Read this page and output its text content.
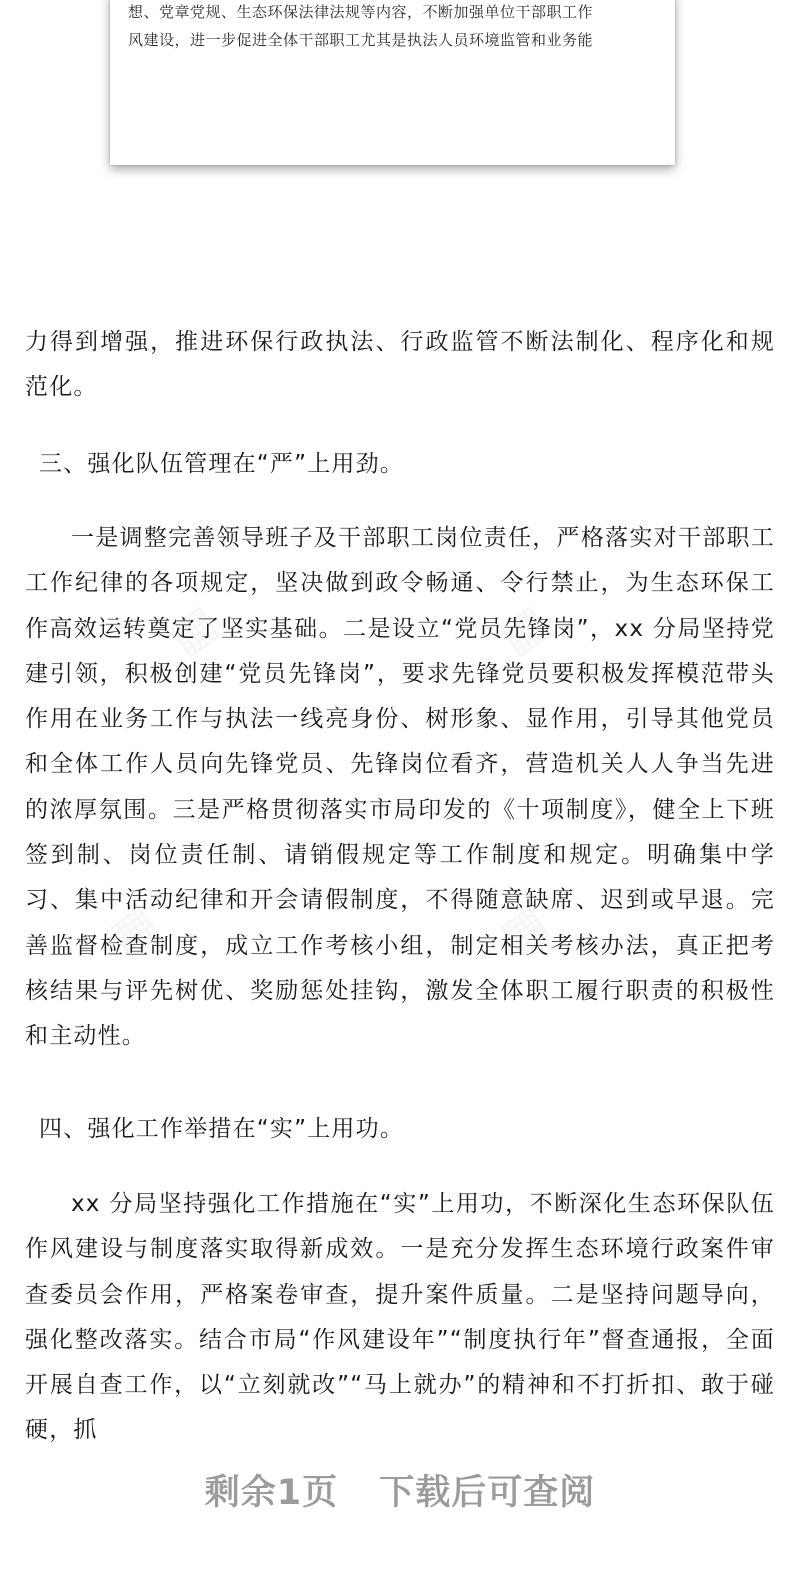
想、党章党规、生态环保法律法规等内容，不断加强单位干部职工作
风建设，进一步促进全体干部职工尤其是执法人员环境监管和业务能

力得到增强，推进环保行政执法、行政监管不断法制化、程序化和规范化。

三、强化队伍管理在“严”上用劲。

一是调整完善领导班子及干部职工岗位责任，严格落实对干部职工工作纪律的各项规定，坚决做到政令畅通、令行禁止，为生态环保工作高效运转奠定了坚实基础。二是设立“党员先锋岗”，xx 分局坚持党建引领，积极创建“党员先锋岗”，要求先锋党员要积极发挥模范带头作用在业务工作与执法一线亮身份、树形象、显作用，引导其他党员和全体工作人员向先锋党员、先锋岗位看齐，营造机关人人争当先进的浓厚氛围。三是严格贯彻落实市局印发的《十项制度》，健全上下班签到制、岗位责任制、请销假规定等工作制度和规定。明确集中学习、集中活动纪律和开会请假制度，不得随意缺席、迟到或早退。完善监督检查制度，成立工作考核小组，制定相关考核办法，真正把考核结果与评先树优、奖励惩处挂钩，激发全体职工履行职责的积极性和主动性。

四、强化工作举措在“实”上用功。

xx 分局坚持强化工作措施在“实”上用功，不断深化生态环保队伍作风建设与制度落实取得新成效。一是充分发挥生态环境行政案件审查委员会作用，严格案卷审查，提升案件质量。二是坚持问题导向，强化整改落实。结合市局“作风建设年”“制度执行年”督查通报，全面开展自查工作，以“立刻就改”“马上就办”的精神和不打折扣、敢于碰硬，抓

剩余1页 下载后可查阅
